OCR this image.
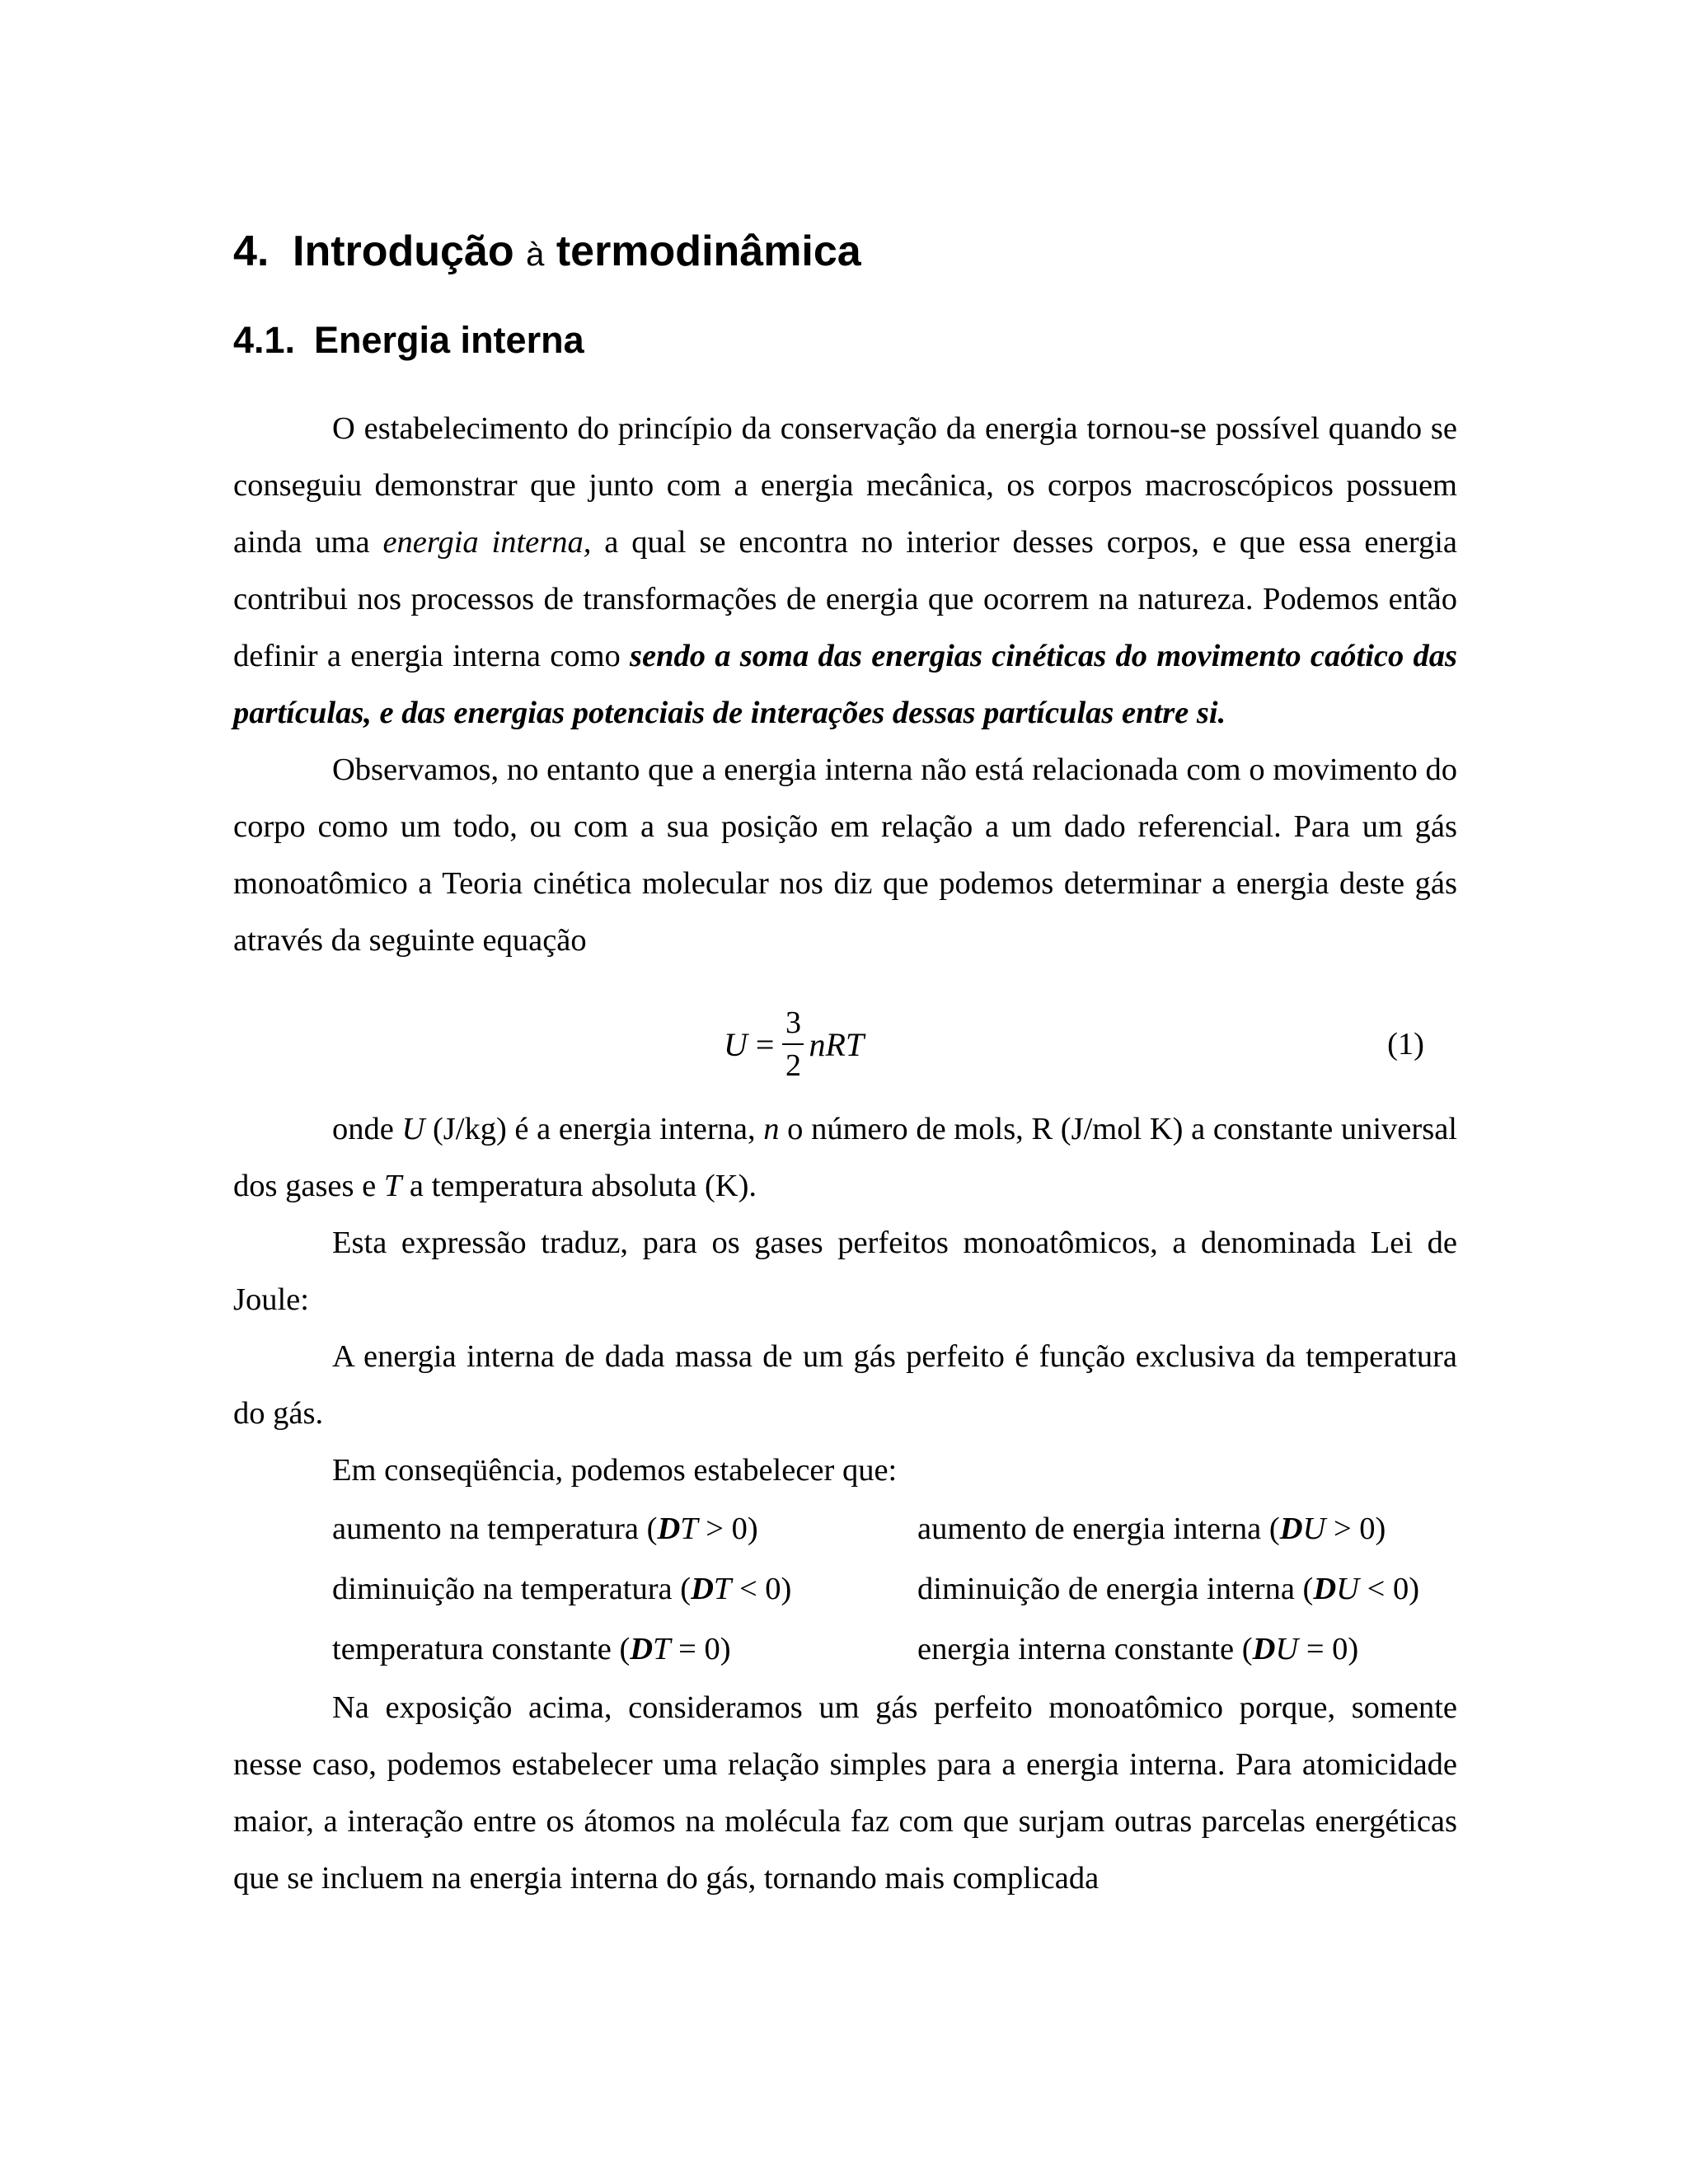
4. Introdução à termodinâmica
4.1. Energia interna

O estabelecimento do princípio da conservação da energia tornou-se possível quando se conseguiu demonstrar que junto com a energia mecânica, os corpos macroscópicos possuem ainda uma energia interna, a qual se encontra no interior desses corpos, e que essa energia contribui nos processos de transformações de energia que ocorrem na natureza. Podemos então definir a energia interna como sendo a soma das energias cinéticas do movimento caótico das partículas, e das energias potenciais de interações dessas partículas entre si.

Observamos, no entanto que a energia interna não está relacionada com o movimento do corpo como um todo, ou com a sua posição em relação a um dado referencial. Para um gás monoatômico a Teoria cinética molecular nos diz que podemos determinar a energia deste gás através da seguinte equação

$U = \frac{3}{2}$ nRT	(1)

onde U (J/kg) é a energia interna, n o número de mols, R (J/mol K) a constante universal dos gases e T a temperatura absoluta (K).

Esta expressão traduz, para os gases perfeitos monoatômicos, a denominada Lei de Joule:

A energia interna de dada massa de um gás perfeito é função exclusiva da temperatura do gás.

Em conseqüência, podemos estabelecer que:

aumento na temperatura (DT > 0)	aumento de energia interna (DU > 0)
diminuição na temperatura (DT < 0)	diminuição de energia interna (DU < 0)
temperatura constante (DT = 0)	energia interna constante (DU = 0)

Na exposição acima, consideramos um gás perfeito monoatômico porque, somente nesse caso, podemos estabelecer uma relação simples para a energia interna. Para atomicidade maior, a interação entre os átomos na molécula faz com que surjam outras parcelas energéticas que se incluem na energia interna do gás, tornando mais complicada
